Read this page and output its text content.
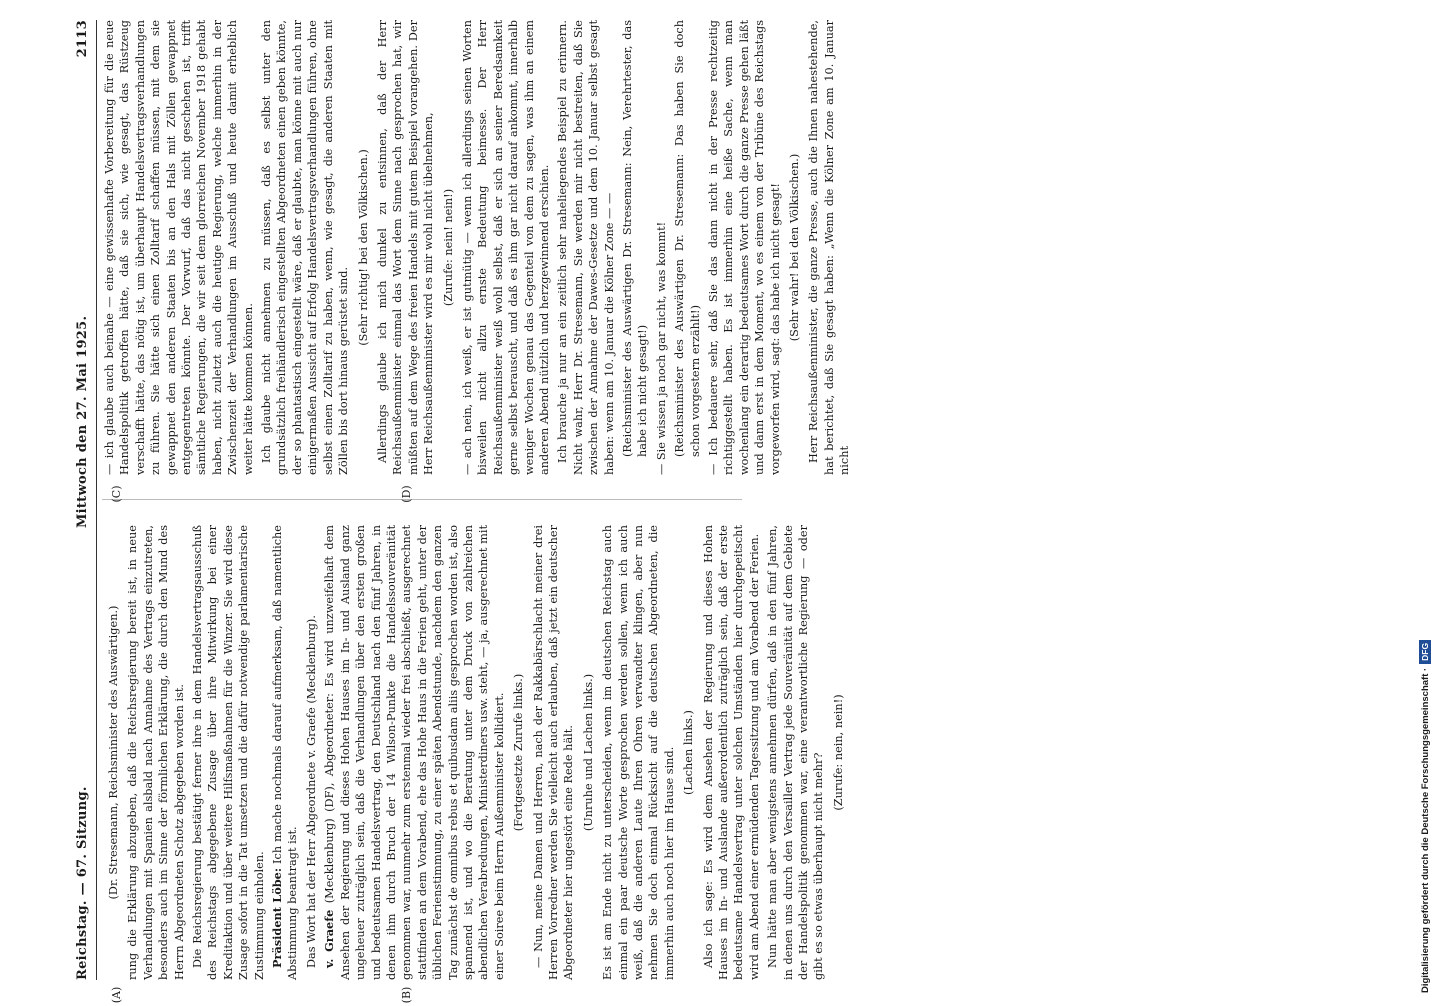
Reichstag. — 67. Sitzung.
Mittwoch den 27. Mai 1925.
2113

(Dr. Stresemann, Reichsminister des Auswärtigen.) rung die Erklärung abzugeben, daß die Reichsregierung bereit ist, in neue Verhandlungen mit Spanien alsbald nach Annahme des Vertrags einzutreten, besonders auch im Sinne der förmlichen Erklärung, die durch den Mund des Herrn Abgeordneten Schotz abgegeben worden ist. Die Reichsregierung bestätigt ferner ihre in dem Handelsvertragsausschuß des Reichstags abgegebene Zusage über ihre Mitwirkung bei einer Kreditaktion und über weitere Hilfsmaßnahmen für die Winzer. Sie wird diese Zusage sofort in die Tat umsetzen und die dafür notwendige parlamentarische Zustimmung einholen. Präsident Löbe: Ich mache nochmals darauf aufmerksam, daß namentliche Abstimmung beantragt ist. Das Wort hat der Herr Abgeordnete v. Graefe (Mecklenburg). v. Graefe (Mecklenburg) (DF), Abgeordneter: Es wird unzweifelhaft dem Ansehen der Regierung und dieses Hohen Hauses im In- und Ausland ganz ungeheuer zuträglich sein, daß die Verhandlungen über den ersten großen und bedeutsamen Handelsvertrag, den Deutschland nach den fünf Jahren, in denen ihm durch Bruch der 14 Wilson-Punkte die Handelssouveränität genommen war, nunmehr zum erstenmal wieder frei abschließt, ausgerechnet stattfinden an dem Vorabend, ehe das Hohe Haus in die Ferien geht, unter der üblichen Ferienstimmung, zu einer späten Abendstunde, nachdem den ganzen Tag zunächst de omnibus rebus et quibusdam aliis gesprochen worden ist, also spannend ist, und wo die Beratung unter dem Druck von zahlreichen abendlichen Verabredungen, Ministerdiners usw. steht, — ja, ausgerechnet mit einer Soiree beim Herrn Außenminister kollidiert. (Fortgesetzte Zurufe links.) — Nun, meine Damen und Herren, nach der Rakkabärschlacht meiner drei Herren Vorredner werden Sie vielleicht auch erlauben, daß jetzt ein deutscher Abgeordneter hier ungestört eine Rede hält. (Unruhe und Lachen links.) Es ist am Ende nicht zu unterscheiden, wenn im deutschen Reichstag auch einmal ein paar deutsche Worte gesprochen werden sollen, wenn ich auch weiß, daß die anderen Laute Ihren Ohren verwandter klingen, aber nun nehmen Sie doch einmal Rücksicht auf die deutschen Abgeordneten, die immerhin auch noch hier im Hause sind. (Lachen links.) Also ich sage: Es wird dem Ansehen der Regierung und dieses Hohen Hauses im In- und Auslande außerordentlich zuträglich sein, daß der erste bedeutsame Handelsvertrag unter solchen Umständen hier durchgepeitscht wird am Abend einer ermüdenden Tagessitzung und am Vorabend der Ferien. Nun hätte man aber wenigstens annehmen dürfen, daß in den fünf Jahren, in denen uns durch den Versailler Vertrag jede Souveränität auf dem Gebiete der Handelspolitik genommen war, eine verantwortliche Regierung — oder gibt es so etwas überhaupt nicht mehr?

(Zurufe: nein, nein!)

— ich glaube auch beinahe — eine gewissenhafte Vorbereitung für die neue Handelspolitik getroffen hätte, daß sie sich, wie gesagt, das Rüstzeug verschafft hätte, das nötig ist, um überhaupt Handelsvertragsverhandlungen zu führen. Sie hätte sich einen Zolltarif schaffen müssen, mit dem sie gewappnet den anderen Staaten bis an den Hals mit Zöllen gewappnet entgegentreten könnte. Der Vorwurf, daß das nicht geschehen ist, trifft sämtliche Regierungen, die wir seit dem glorreichen November 1918 gehabt haben, nicht zuletzt auch die heutige Regierung, welche immerhin in der Zwischenzeit der Verhandlungen im Ausschuß und heute damit erheblich weiter hätte kommen können. Ich glaube nicht annehmen zu müssen, daß es selbst unter den grundsätzlich freihändlerisch eingestellten Abgeordneten einen geben könnte, der so phantastisch eingestellt wäre, daß er glaubte, man könne mit auch nur einigermaßen Aussicht auf Erfolg Handelsvertragsverhandlungen führen, ohne selbst einen Zolltarif zu haben, wenn, wie gesagt, die anderen Staaten mit Zöllen bis dort hinaus gerüstet sind.

(Sehr richtig! bei den Völkischen.) Allerdings glaube ich mich dunkel zu entsinnen, daß der Herr Reichsaußenminister einmal das Wort dem Sinne nach gesprochen hat, wir müßten auf dem Wege des freien Handels mit gutem Beispiel vorangehen. Der Herr Reichsaußenminister wird es mir wohl nicht übelnehmen, (Zurufe: nein! nein!) — ach nein, ich weiß, er ist gutmütig — wenn ich allerdings seinen Worten bisweilen nicht allzu ernste Bedeutung beimesse. Der Herr Reichsaußenminister weiß wohl selbst, daß er sich an seiner Beredsamkeit gerne selbst berauscht, und daß es ihm gar nicht darauf ankommt, innerhalb weniger Wochen genau das Gegenteil von dem zu sagen, was ihm an einem anderen Abend nützlich und herzgewinnend erschien. Ich brauche ja nur an ein zeitlich sehr naheliegendes Beispiel zu erinnern. Nicht wahr, Herr Dr. Stresemann, Sie werden mir nicht bestreiten, daß Sie zwischen der Annahme der Dawes-Gesetze und dem 10. Januar selbst gesagt haben: wenn am 10. Januar die Kölner Zone — — (Reichsminister des Auswärtigen Dr. Stresemann: Nein, Verehrtester, das habe ich nicht gesagt!) — Sie wissen ja noch gar nicht, was kommt! (Reichsminister des Auswärtigen Dr. Stresemann: Das haben Sie doch schon vorgestern erzählt!) — Ich bedauere sehr, daß Sie das dann nicht in der Presse rechtzeitig richtiggestellt haben. Es ist immerhin eine heiße Sache, wenn man wochenlang ein derartig bedeutsames Wort durch die ganze Presse gehen läßt und dann erst in dem Moment, wo es einem von der Tribüne des Reichstags vorgeworfen wird, sagt: das habe ich nicht gesagt! (Sehr wahr! bei den Völkischen.) Herr Reichsaußenminister, die ganze Presse, auch die Ihnen nahestehende, hat berichtet, daß Sie gesagt haben: „Wenn die Kölner Zone am 10. Januar nicht

(A)	(B)
(C)	(D)
Digitalisierung gefördert durch die Deutsche Forschungsgemeinschaft ·
DFG
